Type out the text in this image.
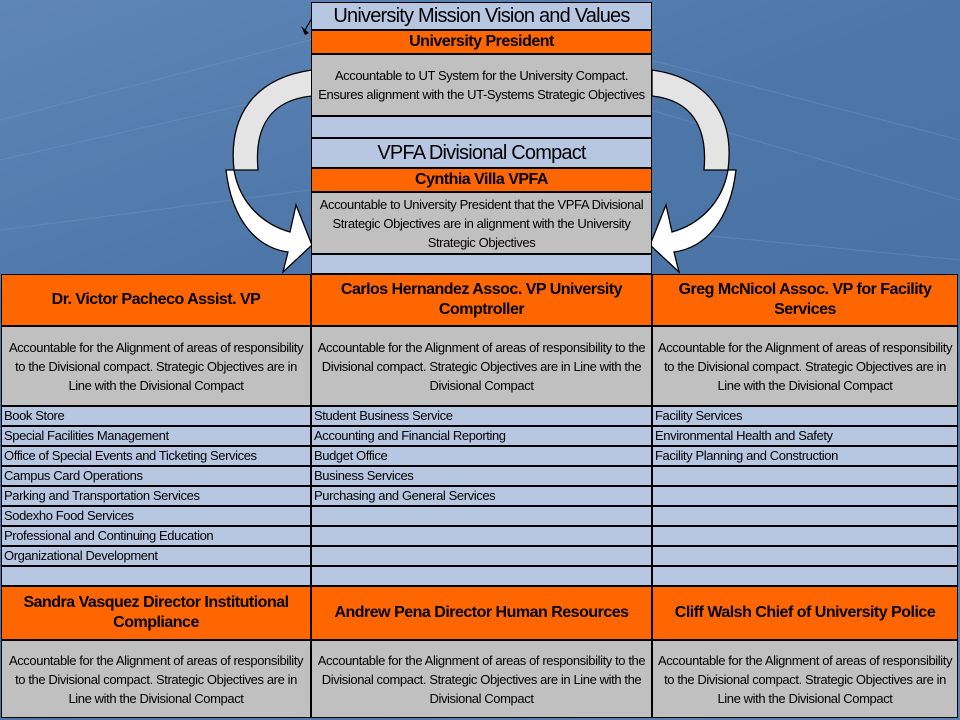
University Mission Vision and Values
University President
Accountable to UT System for the University Compact. Ensures alignment with the UT-Systems Strategic Objectives
VPFA Divisional Compact
Cynthia Villa VPFA
Accountable to University President that the VPFA Divisional Strategic Objectives are in alignment with the University Strategic Objectives
Dr. Victor Pacheco Assist. VP
Carlos Hernandez Assoc. VP University Comptroller
Greg McNicol Assoc. VP for Facility Services
Accountable for the Alignment of areas of responsibility to the Divisional compact. Strategic Objectives are in Line with the Divisional Compact
Accountable for the Alignment of areas of responsibility to the Divisional compact. Strategic Objectives are in Line with the Divisional Compact
Accountable for the Alignment of areas of responsibility to the Divisional compact. Strategic Objectives are in Line with the Divisional Compact
Book Store
Special Facilities Management
Office of Special Events and Ticketing Services
Campus Card Operations
Parking and Transportation Services
Sodexho Food Services
Professional and Continuing Education
Organizational Development
Student Business Service
Accounting and Financial Reporting
Budget Office
Business Services
Purchasing and General Services
Facility Services
Environmental Health and Safety
Facility Planning and Construction
Sandra Vasquez Director Institutional Compliance
Andrew Pena Director Human Resources	Cliff Walsh Chief of University Police
Accountable for the Alignment of areas of responsibility to the Divisional compact. Strategic Objectives are in Line with the Divisional Compact
Accountable for the Alignment of areas of responsibility to the Divisional compact. Strategic Objectives are in Line with the Divisional Compact
Accountable for the Alignment of areas of responsibility to the Divisional compact. Strategic Objectives are in Line with the Divisional Compact
